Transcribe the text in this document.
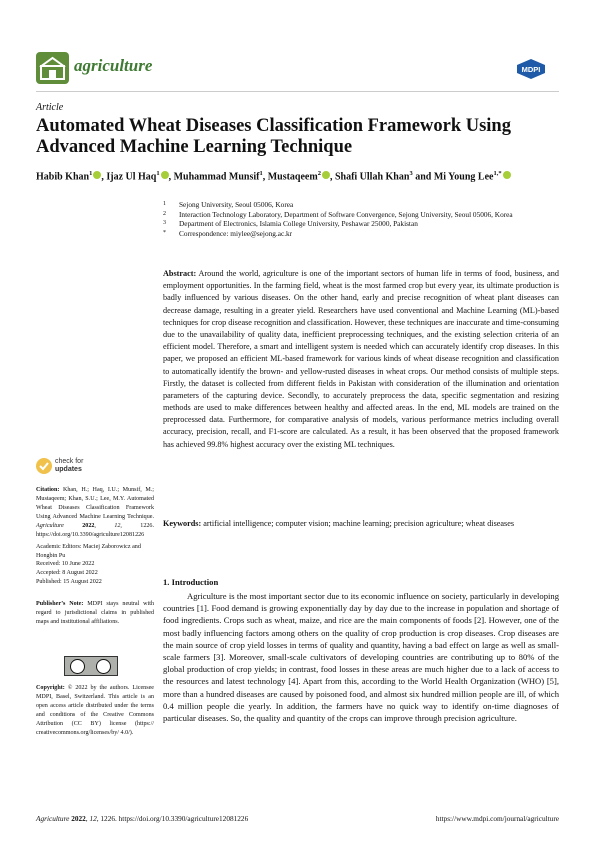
agriculture	MDPI
Article
Automated Wheat Diseases Classification Framework Using Advanced Machine Learning Technique
Habib Khan$^1$ , Ijaz Ul Haq$^1$ , Muhammad Munsif$^1$, Mustaqeem$^2$ , Shafi Ullah Khan$^3$ and Mi Young Lee$^{1,*}$
1 Sejong University, Seoul 05006, Korea
2 Interaction Technology Laboratory, Department of Software Convergence, Sejong University, Seoul 05006, Korea
3 Department of Electronics, Islamia College University, Peshawar 25000, Pakistan
* Correspondence: miylee@sejong.ac.kr
Abstract: Around the world, agriculture is one of the important sectors of human life in terms of food, business, and employment opportunities. In the farming field, wheat is the most farmed crop but every year, its ultimate production is badly influenced by various diseases. On the other hand, early and precise recognition of wheat plant diseases can decrease damage, resulting in a greater yield. Researchers have used conventional and Machine Learning (ML)-based techniques for crop disease recognition and classification. However, these techniques are inaccurate and time-consuming due to the unavailability of quality data, inefficient preprocessing techniques, and the existing selection criteria of an efficient model. Therefore, a smart and intelligent system is needed which can accurately identify crop diseases. In this paper, we proposed an efficient ML-based framework for various kinds of wheat disease recognition and classification to automatically identify the brown- and yellow-rusted diseases in wheat crops. Our method consists of multiple steps. Firstly, the dataset is collected from different fields in Pakistan with consideration of the illumination and orientation parameters of the capturing device. Secondly, to accurately preprocess the data, specific segmentation and resizing methods are used to make differences between healthy and affected areas. In the end, ML models are trained on the preprocessed data. Furthermore, for comparative analysis of models, various performance metrics including overall accuracy, precision, recall, and F1-score are calculated. As a result, it has been observed that the proposed framework has achieved 99.8% highest accuracy over the existing ML techniques.
Keywords: artificial intelligence; computer vision; machine learning; precision agriculture; wheat diseases
check for
updates
Citation: Khan, H.; Haq, I.U.; Munsif, M.; Mustaqeem; Khan, S.U.; Lee, M.Y. Automated Wheat Diseases Classification Framework Using Advanced Machine Learning Technique. Agriculture	2022, 12, 1226. https://doi.org/10.3390/agriculture12081226
Academic Editors: Maciej Zaborowicz and Hongbin Pu
Received: 10 June 2022
Accepted: 8 August 2022
Published: 15 August 2022
Publisher’s Note: MDPI stays neutral with regard to jurisdictional claims in published maps and institutional affiliations.
Copyright: © 2022 by the authors. Licensee MDPI, Basel, Switzerland. This article is an open access article distributed under the terms and conditions of the Creative Commons Attribution (CC BY) license (https:// creativecommons.org/licenses/by/ 4.0/).
1. Introduction
Agriculture is the most important sector due to its economic influence on society, particularly in developing countries [1]. Food demand is growing exponentially day by day due to the increase in population and shortage of food ingredients. Crops such as wheat, maize, and rice are the main components of foods [2]. However, one of the most badly influencing factors among others on the quality of crop production is crop diseases. Crop diseases are the main source of crop yield losses in terms of quality and quantity, having a bad effect on large as well as small-scale farmers [3]. Moreover, small-scale cultivators of developing countries are contributing up to 80% of the global production of crop yields; in contrast, food losses in these areas are much higher due to a lack of access to the resources and latest technology [4]. Apart from this, according to the World Health Organization (WHO) [5], more than a hundred diseases are caused by poisoned food, and almost six hundred million people are ill, of which 0.4 million people die yearly. In addition, the farmers have no quick way to identify on-time diagnoses of particular diseases. So, the quality and quantity of the crops can improve through precision agriculture.
Agriculture 2022, 12, 1226. https://doi.org/10.3390/agriculture12081226	https://www.mdpi.com/journal/agriculture
